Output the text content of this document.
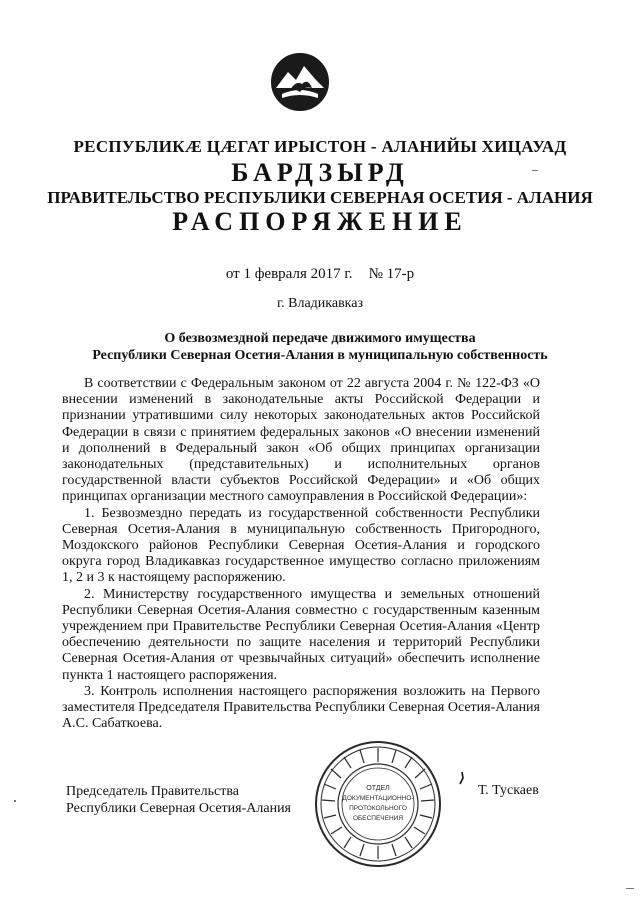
РЕСПУБЛИКӔ ЦӔГАТ ИРЫСТОН - АЛАНИЙЫ ХИЦАУАД
БАРДЗЫРД
ПРАВИТЕЛЬСТВО РЕСПУБЛИКИ СЕВЕРНАЯ ОСЕТИЯ - АЛАНИЯ
РАСПОРЯЖЕНИЕ
от 1 февраля 2017 г. № 17-р
г. Владикавказ
О безвозмездной передаче движимого имущества
Республики Северная Осетия-Алания в муниципальную собственность

В соответствии с Федеральным законом от 22 августа 2004 г. № 122-ФЗ «О внесении изменений в законодательные акты Российской Федерации и признании утратившими силу некоторых законодательных актов Российской Федерации в связи с принятием федеральных законов «О внесении изменений и дополнений в Федеральный закон «Об общих принципах организации законодательных (представительных) и исполнительных органов государственной власти субъектов Российской Федерации» и «Об общих принципах организации местного самоуправления в Российской Федерации»:

1. Безвозмездно передать из государственной собственности Республики Северная Осетия-Алания в муниципальную собственность Пригородного, Моздокского районов Республики Северная Осетия-Алания и городского округа город Владикавказ государственное имущество согласно приложениям 1, 2 и 3 к настоящему распоряжению.

2. Министерству государственного имущества и земельных отношений Республики Северная Осетия-Алания совместно с государственным казенным учреждением при Правительстве Республики Северная Осетия-Алания «Центр обеспечению деятельности по защите населения и территорий Республики Северная Осетия-Алания от чрезвычайных ситуаций» обеспечить исполнение пункта 1 настоящего распоряжения.

3. Контроль исполнения настоящего распоряжения возложить на Первого заместителя Председателя Правительства Республики Северная Осетия-Алания А.С. Сабаткоева.

Председатель Правительства
Республики Северная Осетия-Алания
ОТДЕЛ
ДОКУМЕНТАЦИОННО-
ПРОТОКОЛЬНОГО
ОБЕСПЕЧЕНИЯ
Т. Тускаев
